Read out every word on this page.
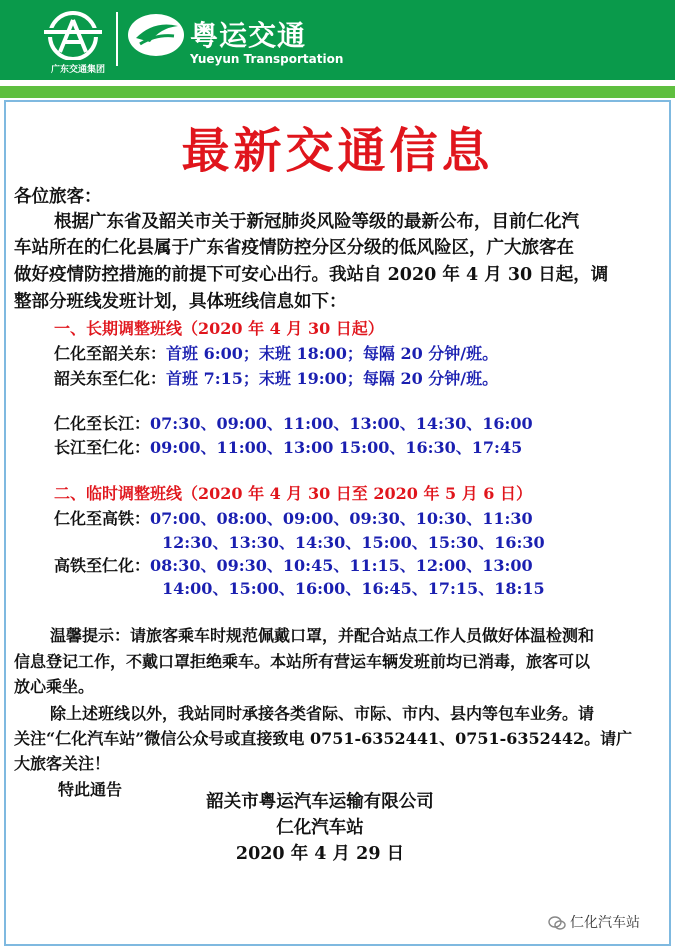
广东交通集团
粤运交通
Yueyun Transportation
最新交通信息
各位旅客：
根据广东省及韶关市关于新冠肺炎风险等级的最新公布，目前仁化汽
车站所在的仁化县属于广东省疫情防控分区分级的低风险区，广大旅客在
做好疫情防控措施的前提下可安心出行。我站自 2020 年 4 月 30 日起，调
整部分班线发班计划，具体班线信息如下：
一、长期调整班线（2020 年 4 月 30 日起）
仁化至韶关东：首班 6:00；末班 18:00；每隔 20 分钟/班。
韶关东至仁化：首班 7:15；末班 19:00；每隔 20 分钟/班。
仁化至长江：07:30、09:00、11:00、13:00、14:30、16:00
长江至仁化：09:00、11:00、13:00 15:00、16:30、17:45
二、临时调整班线（2020 年 4 月 30 日至 2020 年 5 月 6 日）
仁化至高铁：07:00、08:00、09:00、09:30、10:30、11:30
12:30、13:30、14:30、15:00、15:30、16:30
高铁至仁化：08:30、09:30、10:45、11:15、12:00、13:00
14:00、15:00、16:00、16:45、17:15、18:15
温馨提示：请旅客乘车时规范佩戴口罩，并配合站点工作人员做好体温检测和
信息登记工作，不戴口罩拒绝乘车。本站所有营运车辆发班前均已消毒，旅客可以
放心乘坐。
除上述班线以外，我站同时承接各类省际、市际、市内、县内等包车业务。请
关注“仁化汽车站”微信公众号或直接致电 0751-6352441、0751-6352442。请广
大旅客关注！
特此通告
韶关市粤运汽车运输有限公司
仁化汽车站
2020 年 4 月 29 日
仁化汽车站
